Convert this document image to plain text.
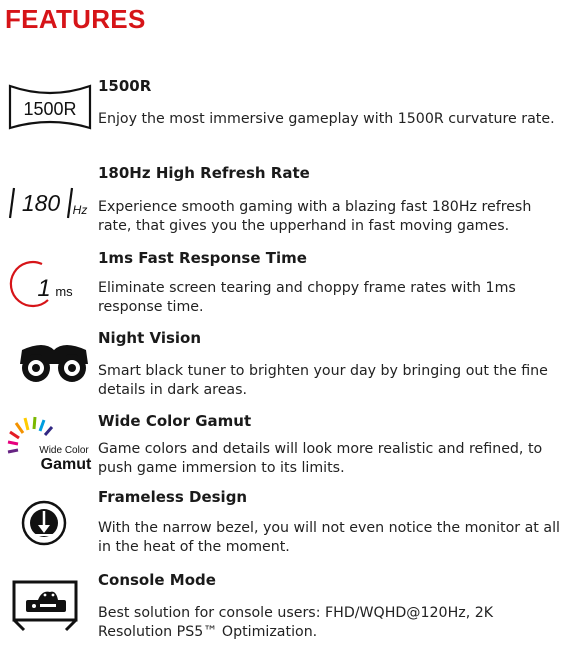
FEATURES
1500R
1500R
Enjoy the most immersive gameplay with 1500R curvature rate.
180 Hz
180Hz High Refresh Rate
Experience smooth gaming with a blazing fast 180Hz refresh rate, that gives you the upperhand in fast moving games.
1 ms
1ms Fast Response Time
Eliminate screen tearing and choppy frame rates with 1ms response time.
Night Vision
Smart black tuner to brighten your day by bringing out the fine details in dark areas.
Wide Color
Gamut
Wide Color Gamut
Game colors and details will look more realistic and refined, to push game immersion to its limits.
Frameless Design
With the narrow bezel, you will not even notice the monitor at all in the heat of the moment.
Console Mode
Best solution for console users: FHD/WQHD@120Hz, 2K Resolution PS5™ Optimization.
